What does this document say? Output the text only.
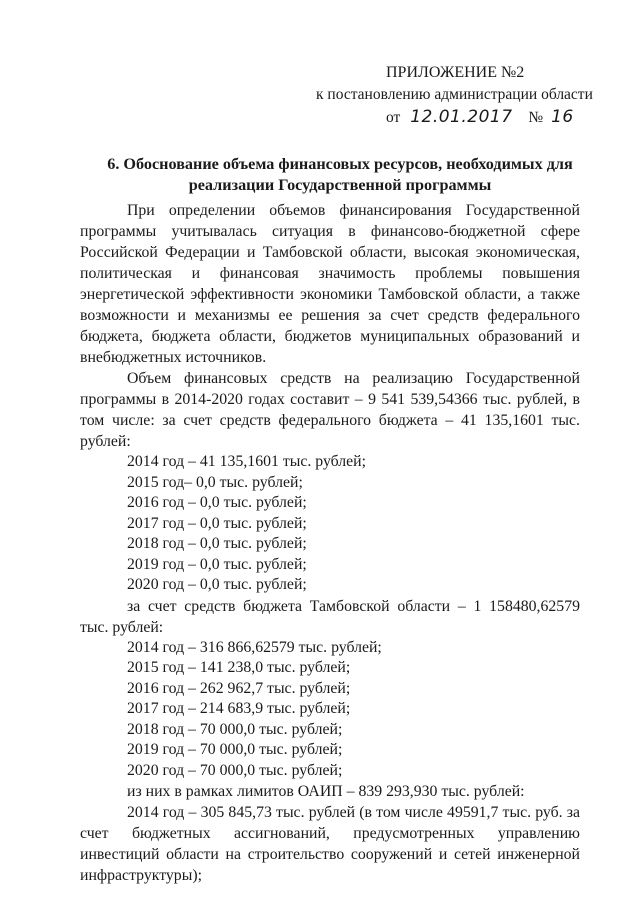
ПРИЛОЖЕНИЕ №2
к постановлению администрации области
от 12.01.2017 № 16
6. Обоснование объема финансовых ресурсов, необходимых для
реализации Государственной программы

При определении объемов финансирования Государственной программы учитывалась ситуация в финансово-бюджетной сфере Российской Федерации и Тамбовской области, высокая экономическая, политическая и финансовая значимость проблемы повышения энергетической эффективности экономики Тамбовской области, а также возможности и механизмы ее решения за счет средств федерального бюджета, бюджета области, бюджетов муниципальных образований и внебюджетных источников.

Объем финансовых средств на реализацию Государственной программы в 2014-2020 годах составит – 9 541 539,54366 тыс. рублей, в том числе: за счет средств федерального бюджета – 41 135,1601 тыс. рублей:

2014 год – 41 135,1601 тыс. рублей;
2015 год– 0,0 тыс. рублей;
2016 год – 0,0 тыс. рублей;
2017 год – 0,0 тыс. рублей;
2018 год – 0,0 тыс. рублей;
2019 год – 0,0 тыс. рублей;
2020 год – 0,0 тыс. рублей;

за счет средств бюджета Тамбовской области – 1 158480,62579 тыс. рублей:

2014 год – 316 866,62579 тыс. рублей;
2015 год – 141 238,0 тыс. рублей;
2016 год – 262 962,7 тыс. рублей;
2017 год – 214 683,9 тыс. рублей;
2018 год – 70 000,0 тыс. рублей;
2019 год – 70 000,0 тыс. рублей;
2020 год – 70 000,0 тыс. рублей;

из них в рамках лимитов ОАИП – 839 293,930 тыс. рублей:

2014 год – 305 845,73 тыс. рублей (в том числе 49591,7 тыс. руб. за счет бюджетных ассигнований, предусмотренных управлению инвестиций области на строительство сооружений и сетей инженерной инфраструктуры);
